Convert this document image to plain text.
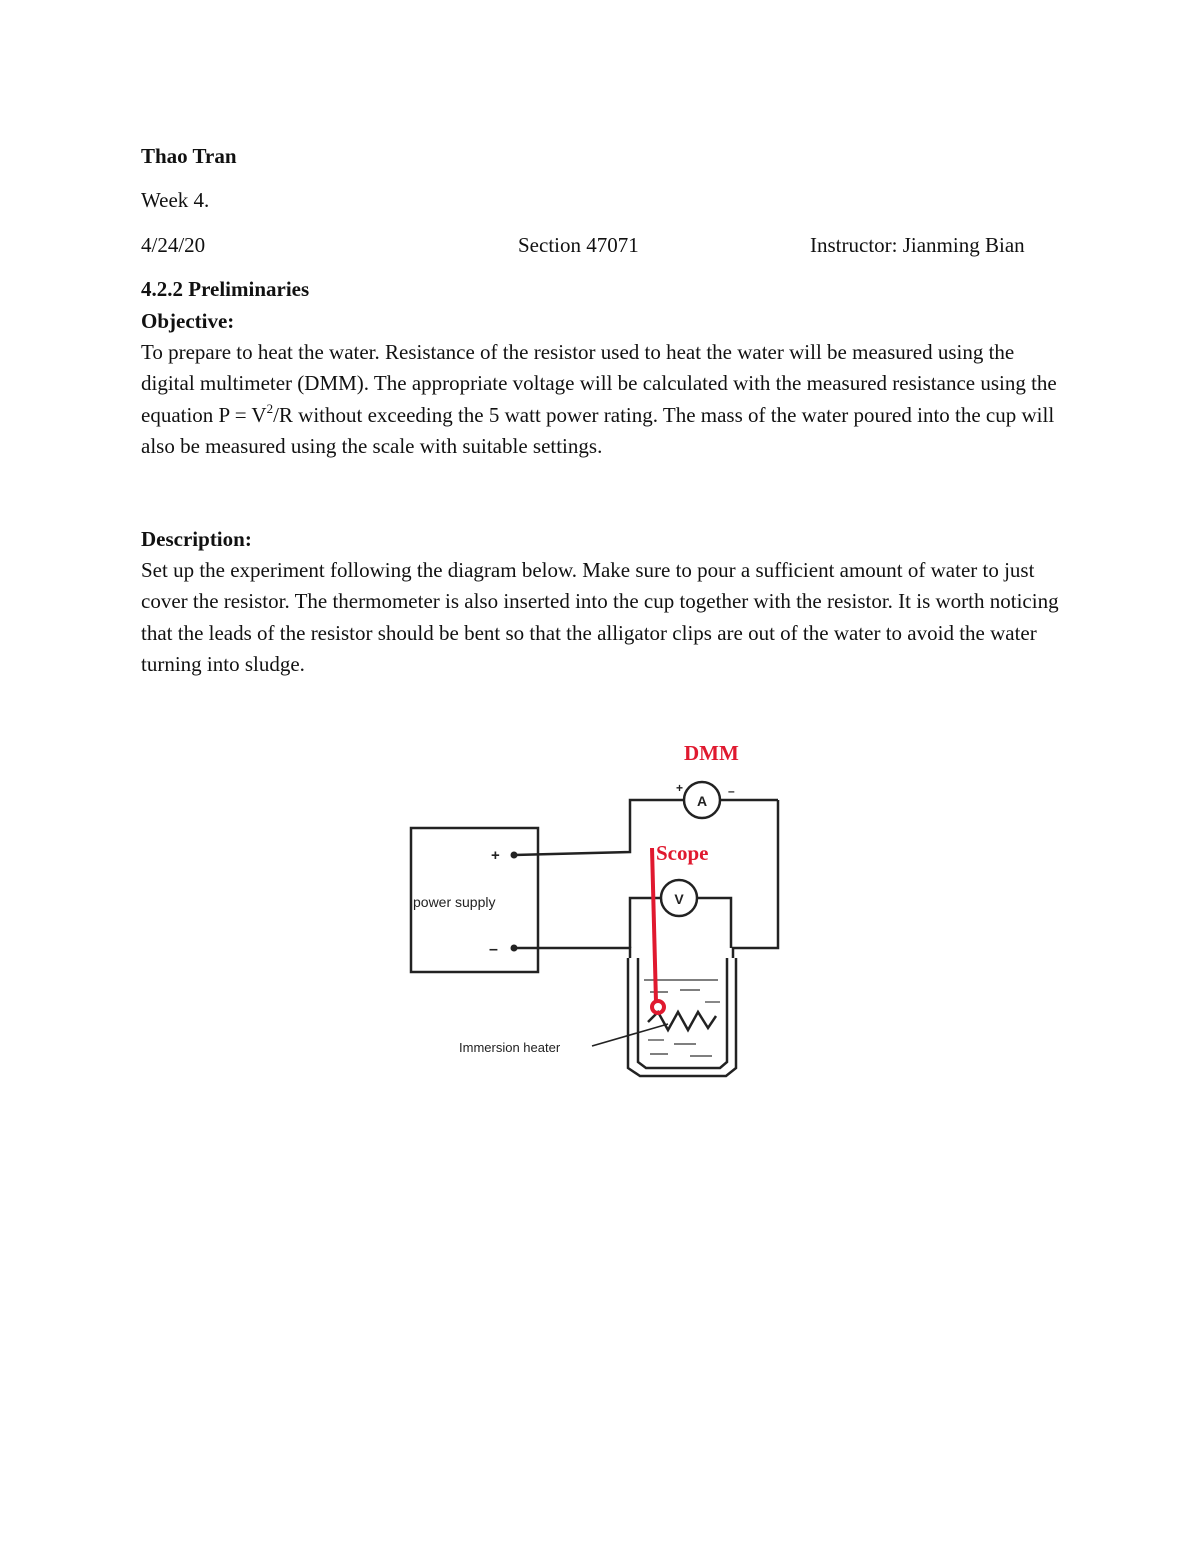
Thao Tran
Week 4.
4/24/20	Section 47071	Instructor: Jianming Bian
4.2.2 Preliminaries
Objective:
To prepare to heat the water. Resistance of the resistor used to heat the water will be measured using the digital multimeter (DMM). The appropriate voltage will be calculated with the measured resistance using the equation $P = V^2/R$ without exceeding the 5 watt power rating. The mass of the water poured into the cup will also be measured using the scale with suitable settings.
Description:
Set up the experiment following the diagram below. Make sure to pour a sufficient amount of water to just cover the resistor. The thermometer is also inserted into the cup together with the resistor. It is worth noticing that the leads of the resistor should be bent so that the alligator clips are out of the water to avoid the water turning into sludge.
+
–
power supply
A
V
+	–
Immersion heater
DMM
Scope
